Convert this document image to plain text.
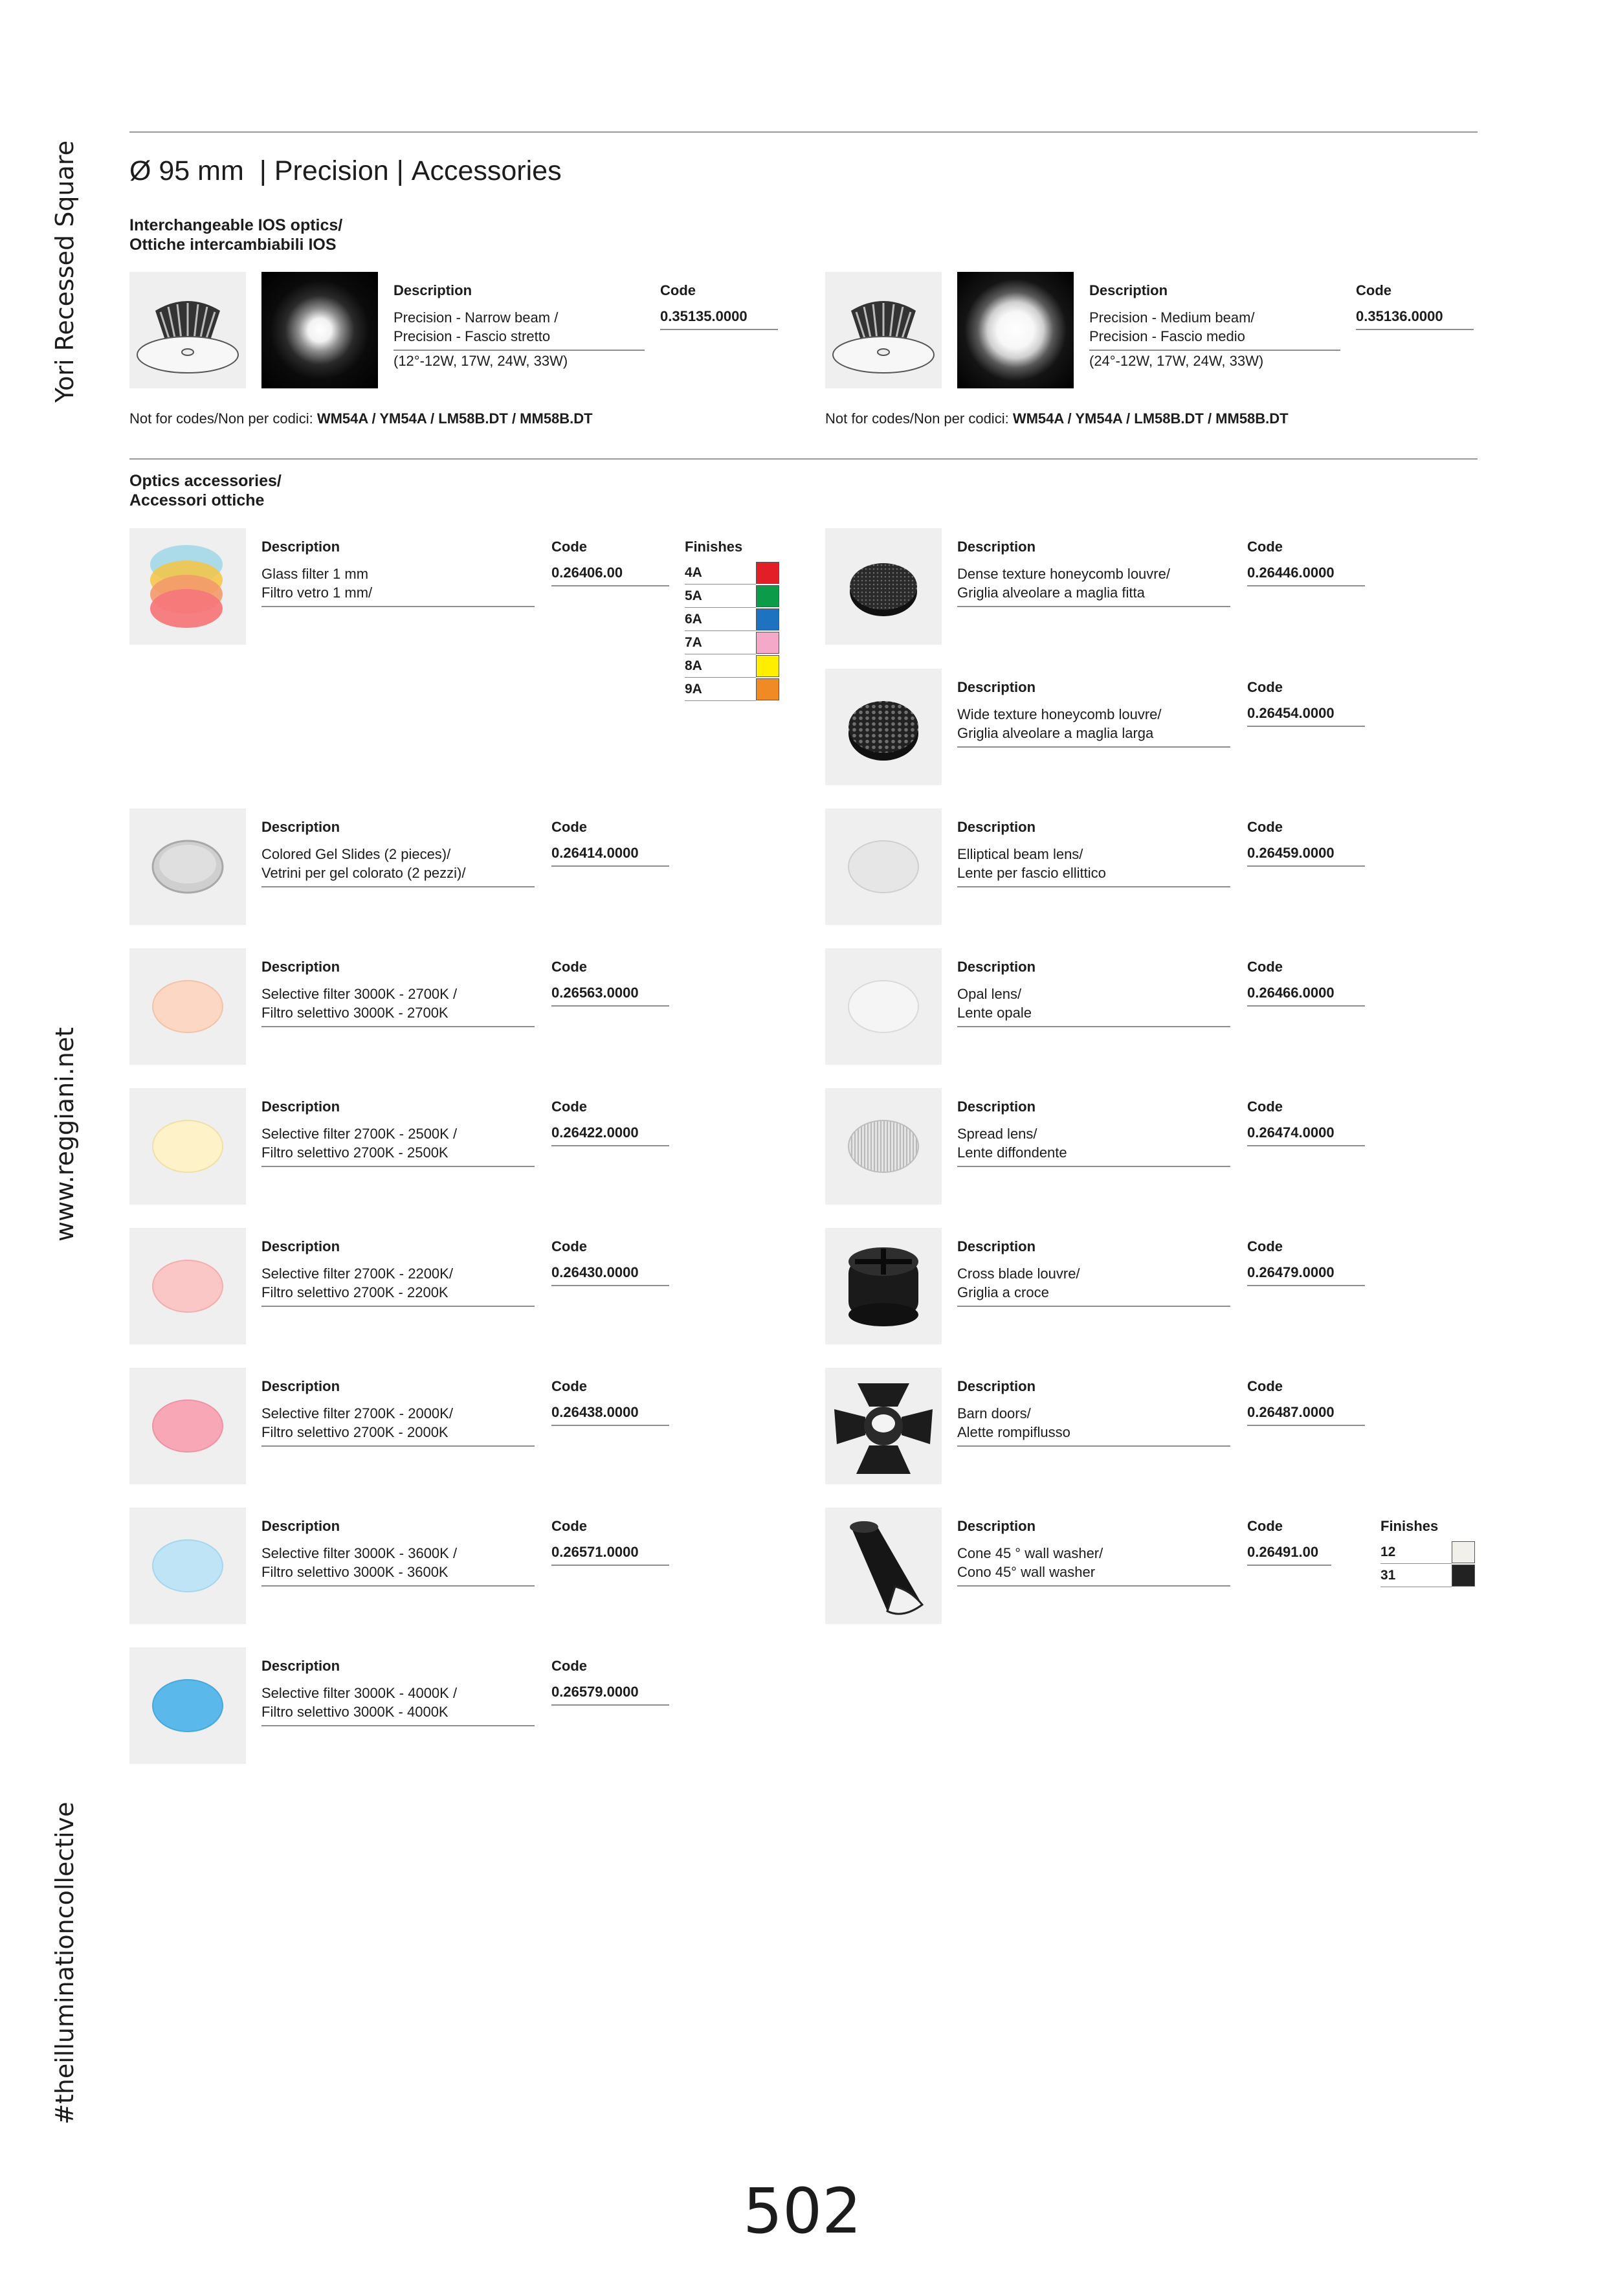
Yori Recessed Square
www.reggiani.net
#theilluminationcollective
Ø 95 mm  | Precision | Accessories
Interchangeable IOS optics/
Ottiche intercambiabili IOS
Description
Precision - Narrow beam /
Precision - Fascio stretto
(12°-12W, 17W, 24W, 33W)
Code
0.35135.0000
Not for codes/Non per codici: WM54A / YM54A / LM58B.DT / MM58B.DT
Description
Precision - Medium beam/
Precision - Fascio medio
(24°-12W, 17W, 24W, 33W)
Code
0.35136.0000
Not for codes/Non per codici: WM54A / YM54A / LM58B.DT / MM58B.DT
Optics accessories/
Accessori ottiche
Description
Glass filter 1 mm
Filtro vetro 1 mm/
Code
0.26406.00
Finishes
4A
5A
6A
7A
8A
9A
Description
Colored Gel Slides (2 pieces)/
Vetrini per gel colorato (2 pezzi)/
Code
0.26414.0000
Description
Selective filter 3000K - 2700K /
Filtro selettivo 3000K - 2700K
Code
0.26563.0000
Description
Selective filter 2700K - 2500K /
Filtro selettivo 2700K - 2500K
Code
0.26422.0000
Description
Selective filter 2700K - 2200K/
Filtro selettivo 2700K - 2200K
Code
0.26430.0000
Description
Selective filter 2700K - 2000K/
Filtro selettivo 2700K - 2000K
Code
0.26438.0000
Description
Selective filter 3000K - 3600K /
Filtro selettivo 3000K - 3600K
Code
0.26571.0000
Description
Selective filter 3000K - 4000K /
Filtro selettivo 3000K - 4000K
Code
0.26579.0000
Description
Dense texture honeycomb louvre/
Griglia alveolare a maglia fitta
Code
0.26446.0000
Description
Wide texture honeycomb louvre/
Griglia alveolare a maglia larga
Code
0.26454.0000
Description
Elliptical beam lens/
Lente per fascio ellittico
Code
0.26459.0000
Description
Opal lens/
Lente opale
Code
0.26466.0000
Description
Spread lens/
Lente diffondente
Code
0.26474.0000
Description
Cross blade louvre/
Griglia a croce
Code
0.26479.0000
Description
Barn doors/
Alette rompiflusso
Code
0.26487.0000
Description
Cone 45 ° wall washer/
Cono 45° wall washer
Code
0.26491.00
Finishes
12
31
502
